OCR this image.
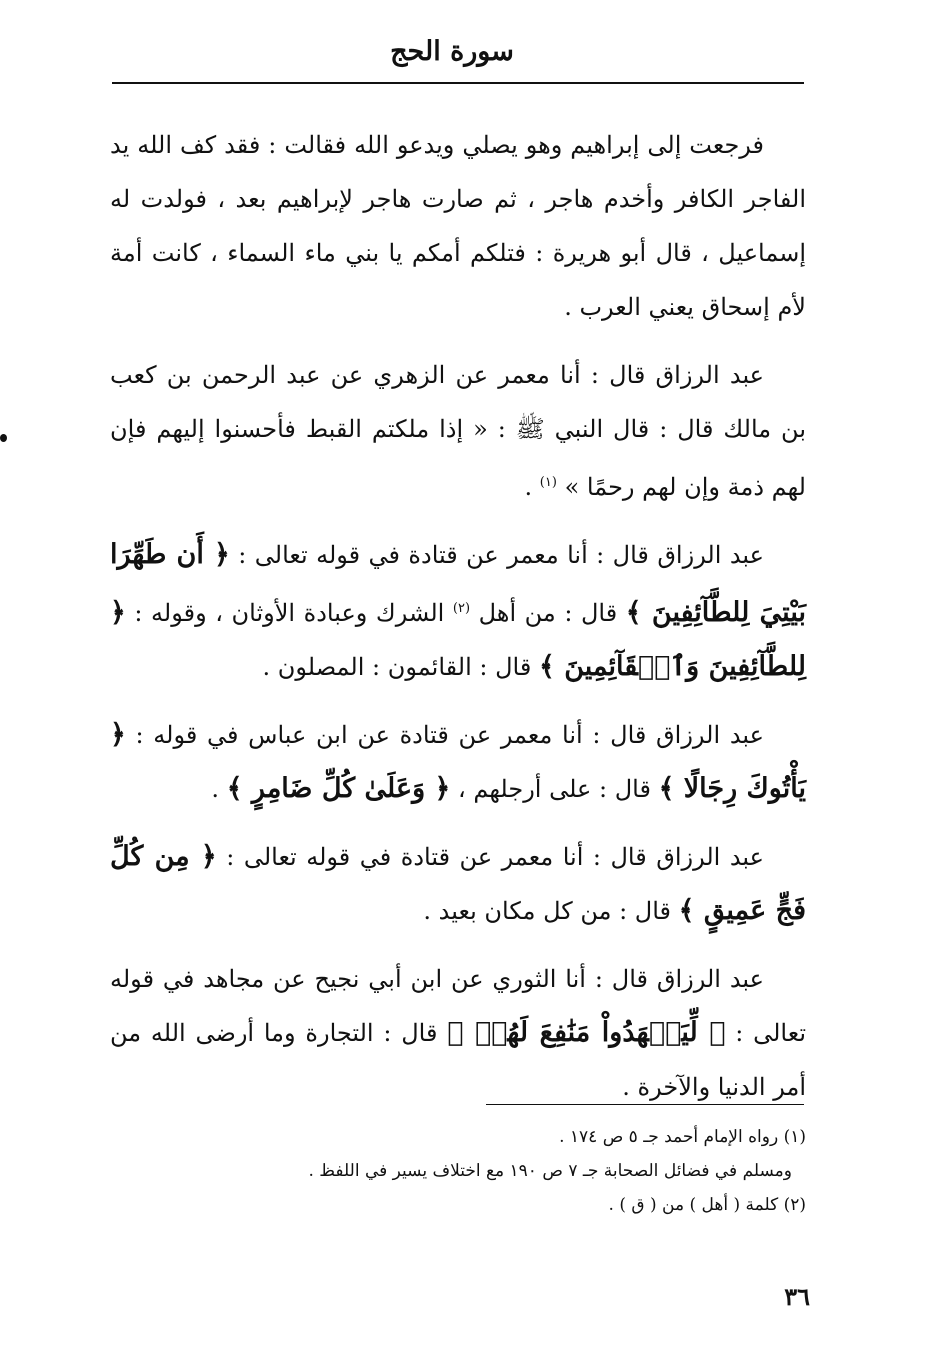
سورة الحج

فرجعت إلى إبراهيم وهو يصلي ويدعو الله فقالت : فقد كف الله يد الفاجر الكافر وأخدم هاجر ، ثم صارت هاجر لإبراهيم بعد ، فولدت له إسماعيل ، قال أبو هريرة : فتلكم أمكم يا بني ماء السماء ، كانت أمة لأم إسحاق يعني العرب .

عبد الرزاق قال : أنا معمر عن الزهري عن عبد الرحمن بن كعب بن مالك قال : قال النبي ﷺ : « إذا ملكتم القبط فأحسنوا إليهم فإن لهم ذمة وإن لهم رحمًا » $^{(١)}$ .

عبد الرزاق قال : أنا معمر عن قتادة في قوله تعالى : ﴿ أَن طَهِّرَا بَيْتِيَ لِلطَّآئِفِينَ ﴾ قال : من أهل $^{(٢)}$ الشرك وعبادة الأوثان ، وقوله : ﴿ لِلطَّآئِفِينَ وَٱلۡقَآئِمِينَ ﴾ قال : القائمون : المصلون .

عبد الرزاق قال : أنا معمر عن قتادة عن ابن عباس في قوله : ﴿ يَأْتُوكَ رِجَالًا ﴾ قال : على أرجلهم ، ﴿ وَعَلَىٰ كُلِّ ضَامِرٍ ﴾ .

عبد الرزاق قال : أنا معمر عن قتادة في قوله تعالى : ﴿ مِن كُلِّ فَجٍّ عَمِيقٍ ﴾ قال : من كل مكان بعيد .

عبد الرزاق قال : أنا الثوري عن ابن أبي نجيح عن مجاهد في قوله تعالى : ﴿ لِّيَشۡهَدُواْ مَنَٰفِعَ لَهُمۡ ﴾ قال : التجارة وما أرضى الله من أمر الدنيا والآخرة .

(١) رواه الإمام أحمد جـ ٥ ص ١٧٤ .

ومسلم في فضائل الصحابة جـ ٧ ص ١٩٠ مع اختلاف يسير في اللفظ .

(٢) كلمة ( أهل ) من ( ق ) .

٣٦
